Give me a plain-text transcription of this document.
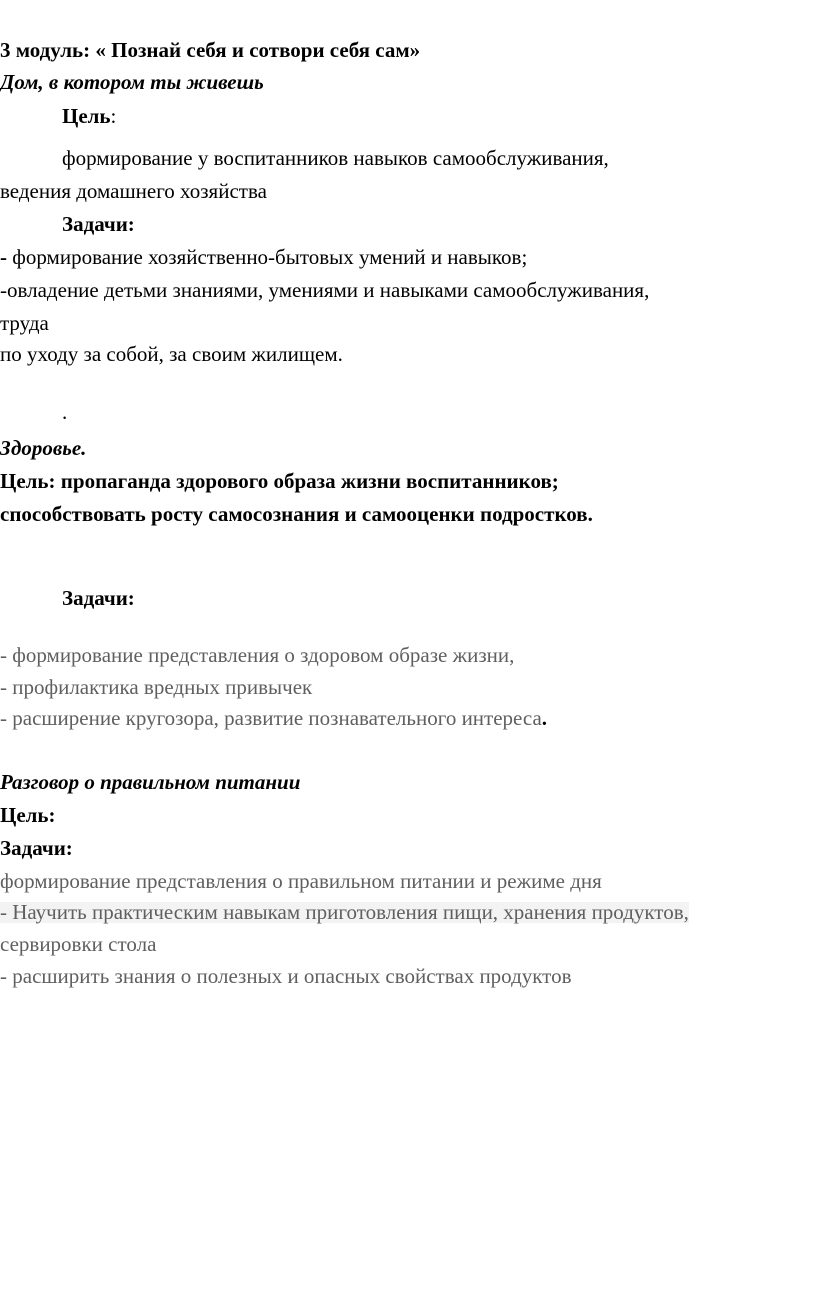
3 модуль: « Познай себя и сотвори себя сам»
Дом, в котором ты живешь
Цель:
формирование у воспитанников навыков самообслуживания,
ведения домашнего хозяйства
Задачи:
- формирование хозяйственно-бытовых умений и навыков;
-овладение детьми знаниями, умениями и навыками самообслуживания,
труда
по уходу за собой, за своим жилищем.
.
Здоровье.
Цель: пропаганда здорового образа жизни воспитанников;
способствовать росту самосознания и самооценки подростков.
Задачи:
- формирование представления о здоровом образе жизни,
- профилактика вредных привычек
- расширение кругозора, развитие познавательного интереса.
Разговор о правильном питании
Цель:
Задачи:
формирование представления о правильном питании и режиме дня
- Научить практическим навыкам приготовления пищи, хранения продуктов,
сервировки стола
- расширить знания о полезных и опасных свойствах продуктов
